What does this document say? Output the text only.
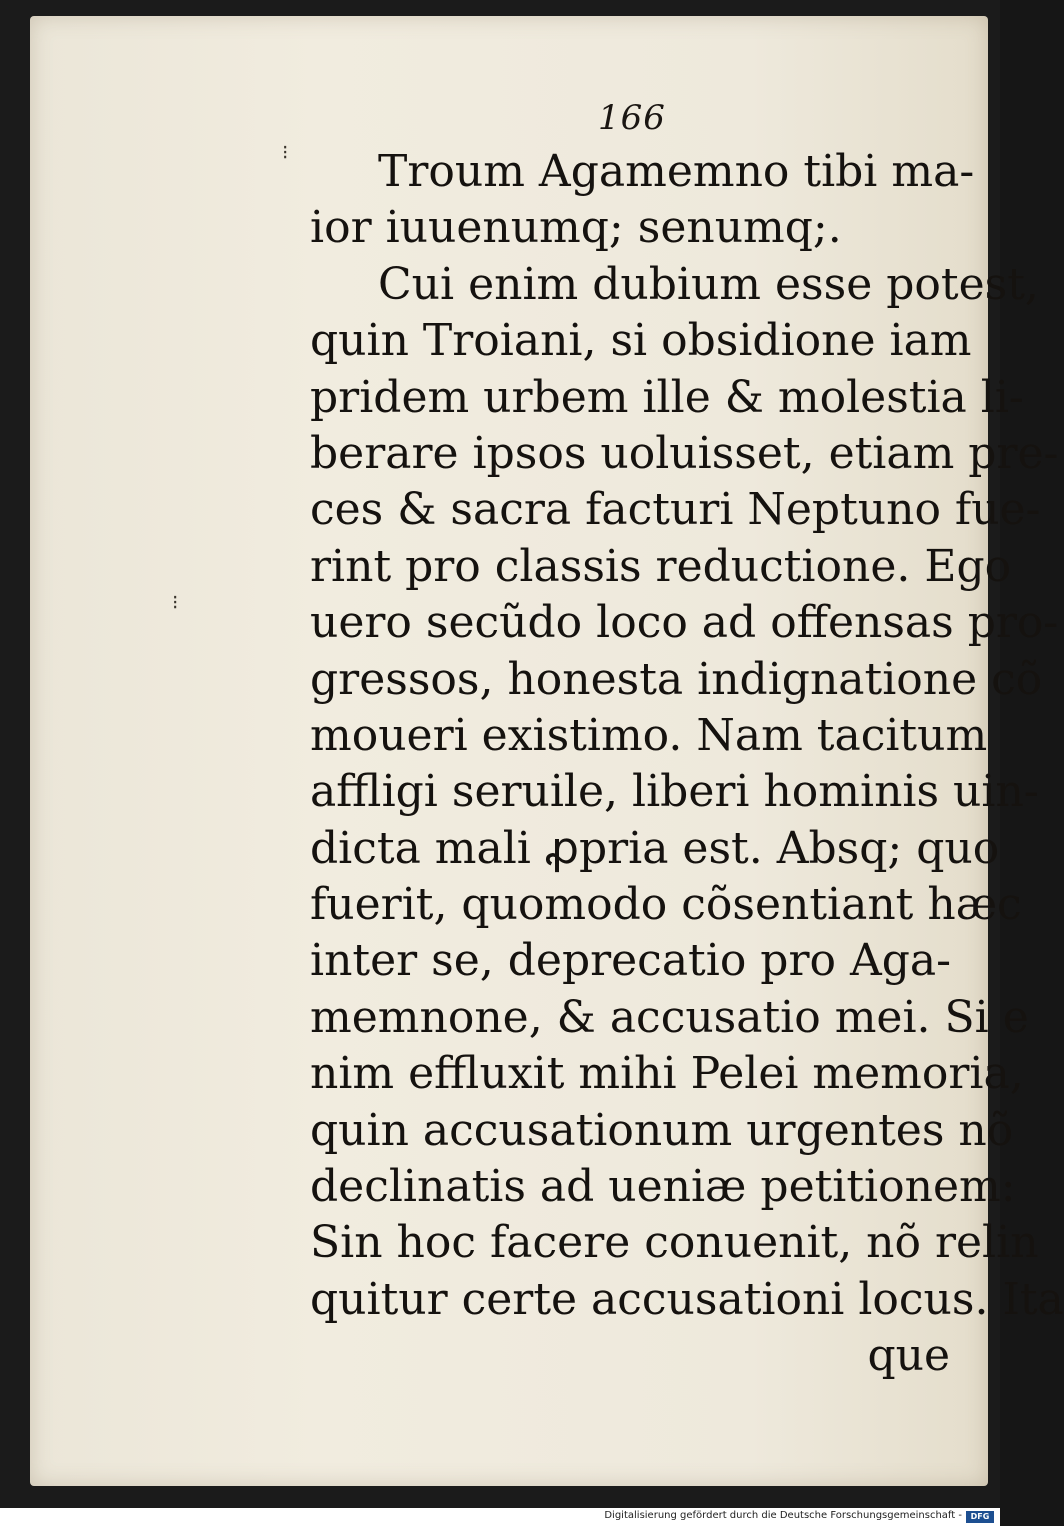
166
Troum Agamemno tibi ma-
ior iuuenumq; senumq;.
Cui enim dubium esse potest,
quin Troiani, si obsidione iam
pridem urbem ille & molestia li-
berare ipsos uoluisset, etiam pre-
ces & sacra facturi Neptuno fue-
rint pro classis reductione. Ego
uero secũdo loco ad offensas pro-
gressos, honesta indignatione cõ
moueri existimo. Nam tacitum
affligi seruile, liberi hominis uin-
dicta mali ꝓpria est. Absq; quo
fuerit, quomodo cõsentiant hæc
inter se, deprecatio pro Aga-
memnone, & accusatio mei. Si e
nim effluxit mihi Pelei memoria,
quin accusationum urgentes nõ
declinatis ad ueniæ petitionem:
Sin hoc facere conuenit, nõ relin
quitur certe accusationi locus. Ita
que
⁝
⁝
Digitalisierung gefördert durch die Deutsche Forschungsgemeinschaft -	DFG
